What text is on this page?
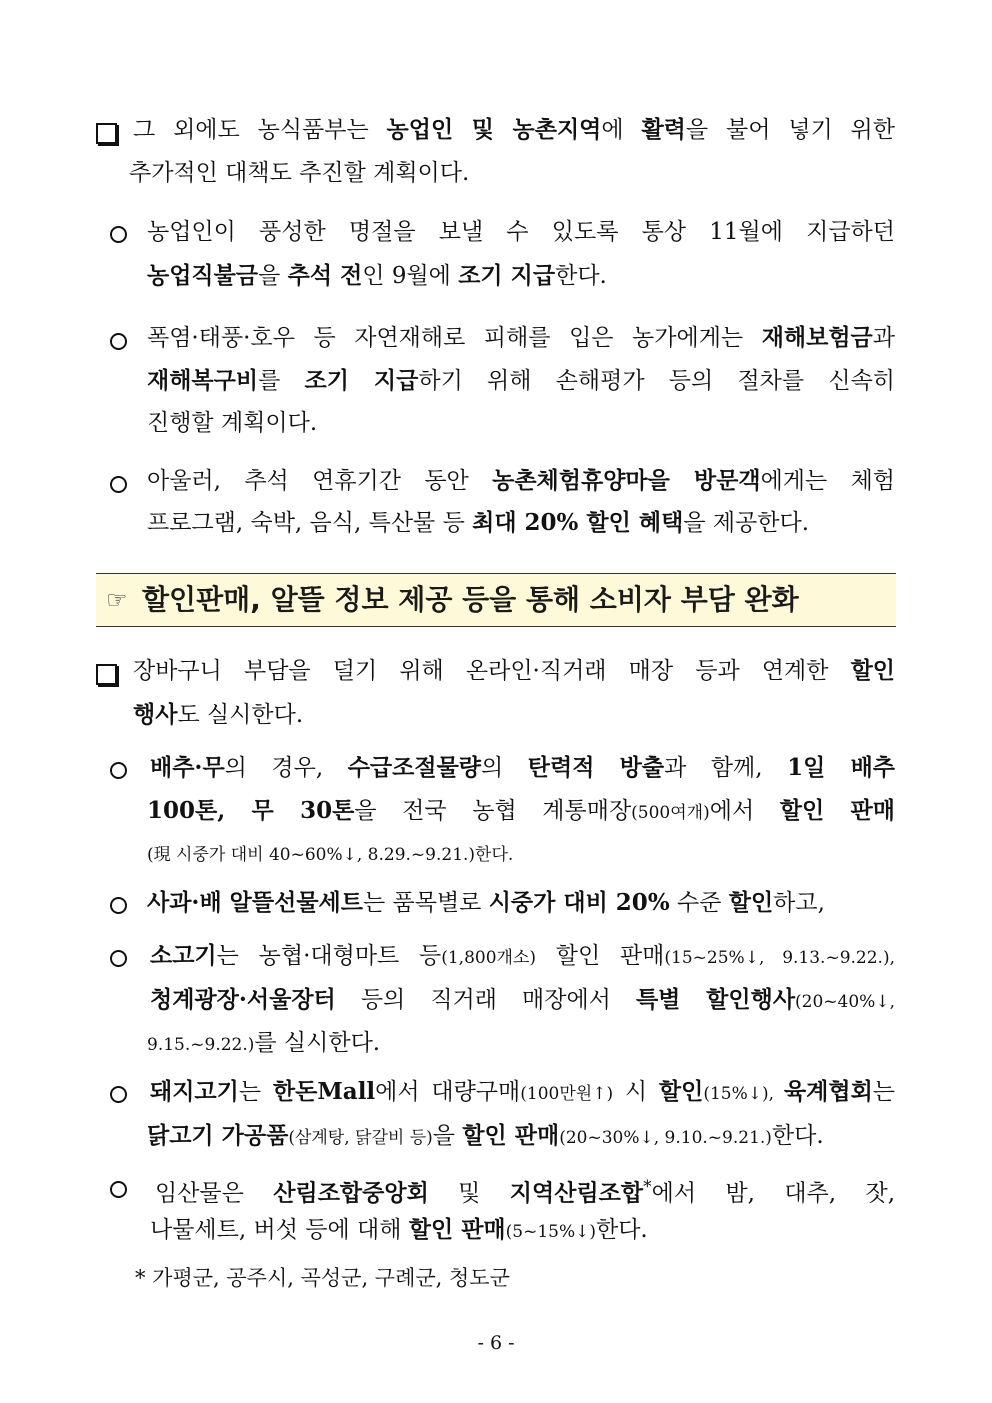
그 외에도 농식품부는 농업인 및 농촌지역에 활력을 불어 넣기 위한
추가적인 대책도 추진할 계획이다.
농업인이 풍성한 명절을 보낼 수 있도록 통상 11월에 지급하던
농업직불금을 추석 전인 9월에 조기 지급한다.
폭염·태풍·호우 등 자연재해로 피해를 입은 농가에게는 재해보험금과
재해복구비를 조기 지급하기 위해 손해평가 등의 절차를 신속히
진행할 계획이다.
아울러, 추석 연휴기간 동안 농촌체험휴양마을 방문객에게는 체험
프로그램, 숙박, 음식, 특산물 등 최대 20% 할인 혜택을 제공한다.
☞ 할인판매, 알뜰 정보 제공 등을 통해 소비자 부담 완화
장바구니 부담을 덜기 위해 온라인·직거래 매장 등과 연계한 할인
행사도 실시한다.
배추·무의 경우, 수급조절물량의 탄력적 방출과 함께, 1일 배추
100톤, 무 30톤을 전국 농협 계통매장(500여개)에서 할인 판매
(現 시중가 대비 40~60%↓, 8.29.~9.21.)한다.
사과·배 알뜰선물세트는 품목별로 시중가 대비 20% 수준 할인하고,
소고기는 농협·대형마트 등(1,800개소) 할인 판매(15~25%↓, 9.13.~9.22.),
청계광장·서울장터 등의 직거래 매장에서 특별 할인행사(20~40%↓,
9.15.~9.22.)를 실시한다.
돼지고기는 한돈Mall에서 대량구매(100만원↑) 시 할인(15%↓), 육계협회는
닭고기 가공품(삼계탕, 닭갈비 등)을 할인 판매(20~30%↓, 9.10.~9.21.)한다.
임산물은 산림조합중앙회 및 지역산림조합*에서 밤, 대추, 잣,
나물세트, 버섯 등에 대해 할인 판매(5~15%↓)한다.
* 가평군, 공주시, 곡성군, 구례군, 청도군
- 6 -
